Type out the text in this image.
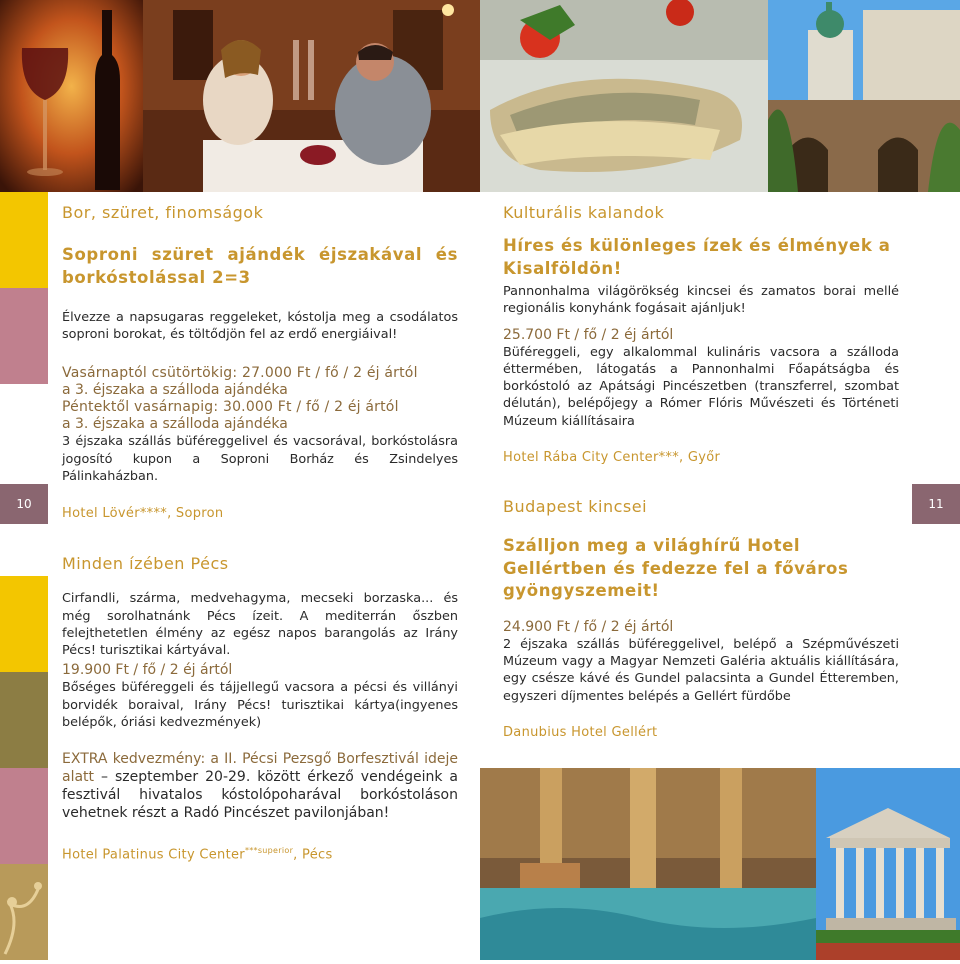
10	11
Bor, szüret, finomságok
Soproni szüret ajándék éjszakával és borkóstolással 2=3

Élvezze a napsugaras reggeleket, kóstolja meg a csodálatos soproni borokat, és töltődjön fel az erdő energiáival!

Vasárnaptól csütörtökig: 27.000 Ft / fő / 2 éj ártól

a 3. éjszaka a szálloda ajándéka

Péntektől vasárnapig: 30.000 Ft / fő / 2 éj ártól

a 3. éjszaka a szálloda ajándéka

3 éjszaka szállás büféreggelivel és vacsorával, borkóstolásra jogosító kupon a Soproni Borház és Zsindelyes Pálinkaházban.

Hotel Lövér****, Sopron

Minden ízében Pécs

Cirfandli, szárma, medvehagyma, mecseki borzaska... és még sorolhatnánk Pécs ízeit. A mediterrán őszben felejthetetlen élmény az egész napos barangolás az Irány Pécs! turisztikai kártyával.

19.900 Ft / fő / 2 éj ártól

Bőséges büféreggeli és tájjellegű vacsora a pécsi és villányi borvidék boraival, Irány Pécs! turisztikai kártya(ingyenes belépők, óriási kedvezmények)

EXTRA kedvezmény: a II. Pécsi Pezsgő Borfesztivál ideje alatt – szeptember 20-29. között érkező vendégeink a fesztivál hivatalos kóstolópoharával borkóstoláson vehetnek részt a Radó Pincészet pavilonjában!

Hotel Palatinus City Center$^{***superior}$, Pécs

Kulturális kalandok
Híres és különleges ízek és élmények a Kisalföldön!

Pannonhalma világörökség kincsei és zamatos borai mellé regionális konyhánk fogásait ajánljuk!

25.700 Ft / fő / 2 éj ártól

Büféreggeli, egy alkalommal kulináris vacsora a szálloda éttermében, látogatás a Pannonhalmi Főapátságba és borkóstoló az Apátsági Pincészetben (transzferrel, szombat délután), belépőjegy a Rómer Flóris Művészeti és Történeti Múzeum kiállításaira

Hotel Rába City Center***, Győr

Budapest kincsei
Szálljon meg a világhírű Hotel Gellértben és fedezze fel a főváros gyöngyszemeit!

24.900 Ft / fő / 2 éj ártól

2 éjszaka szállás büféreggelivel, belépő a Szépművészeti Múzeum vagy a Magyar Nemzeti Galéria aktuális kiállítására, egy csésze kávé és Gundel palacsinta a Gundel Étteremben, egyszeri díjmentes belépés a Gellért fürdőbe

Danubius Hotel Gellért
